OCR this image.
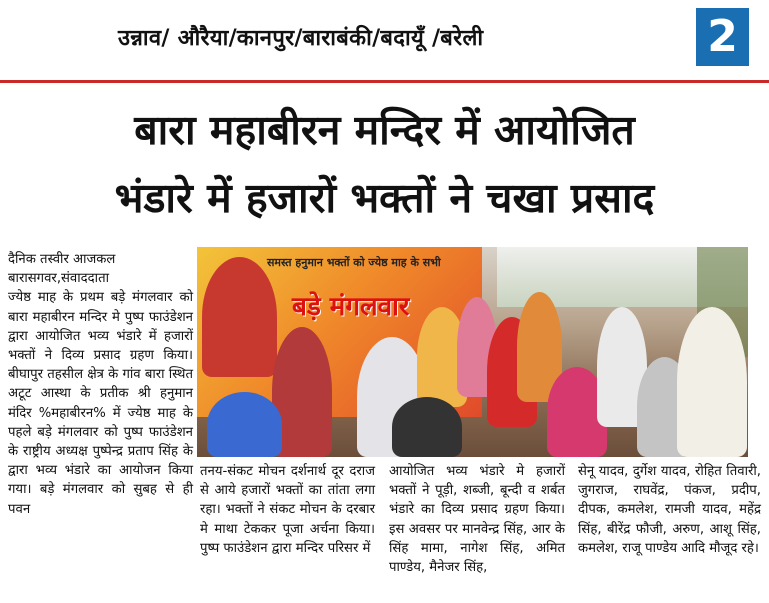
उन्नाव/ औरैया/कानपुर/बाराबंकी/बदायूँ /बरेली	2
बारा महाबीरन मन्दिर में आयोजित
भंडारे में हजारों भक्तों ने चखा प्रसाद
दैनिक तस्वीर आजकल
बारासगवर,संवाददाता
ज्येष्ठ माह के प्रथम बड़े मंगलवार को बारा महाबीरन मन्दिर मे पुष्प फाउंडेशन द्वारा आयोजित भव्य भंडारे में हजारों भक्तों ने दिव्य प्रसाद ग्रहण किया। बीघापुर तहसील क्षेत्र के गांव बारा स्थित अटूट आस्था के प्रतीक श्री हनुमान मंदिर %महाबीरन% में ज्येष्ठ माह के पहले बड़े मंगलवार को पुष्प फाउंडेशन के राष्ट्रीय अध्यक्ष पुष्पेन्द्र प्रताप सिंह के द्वारा भव्य भंडारे का आयोजन किया गया। बड़े मंगलवार को सुबह से ही पवन
समस्त हनुमान भक्तों को ज्येष्ठ माह के सभी
बड़े मंगलवार
तनय-संकट मोचन दर्शनार्थ दूर दराज से आये हजारों भक्तों का तांता लगा रहा। भक्तों ने संकट मोचन के दरबार मे माथा टेककर पूजा अर्चना किया। पुष्प फाउंडेशन द्वारा मन्दिर परिसर में
आयोजित भव्य भंडारे मे हजारों भक्तों ने पूड़ी, शब्जी, बून्दी व शर्बत भंडारे का दिव्य प्रसाद ग्रहण किया। इस अवसर पर मानवेन्द्र सिंह, आर के सिंह मामा, नागेश सिंह, अमित पाण्डेय, मैनेजर सिंह,
सेनू यादव, दुर्गेश यादव, रोहित तिवारी, जुगराज, राघवेंद्र, पंकज, प्रदीप, दीपक, कमलेश, रामजी यादव, महेंद्र सिंह, बीरेंद्र फौजी, अरुण, आशू सिंह, कमलेश, राजू पाण्डेय आदि मौजूद रहे।
